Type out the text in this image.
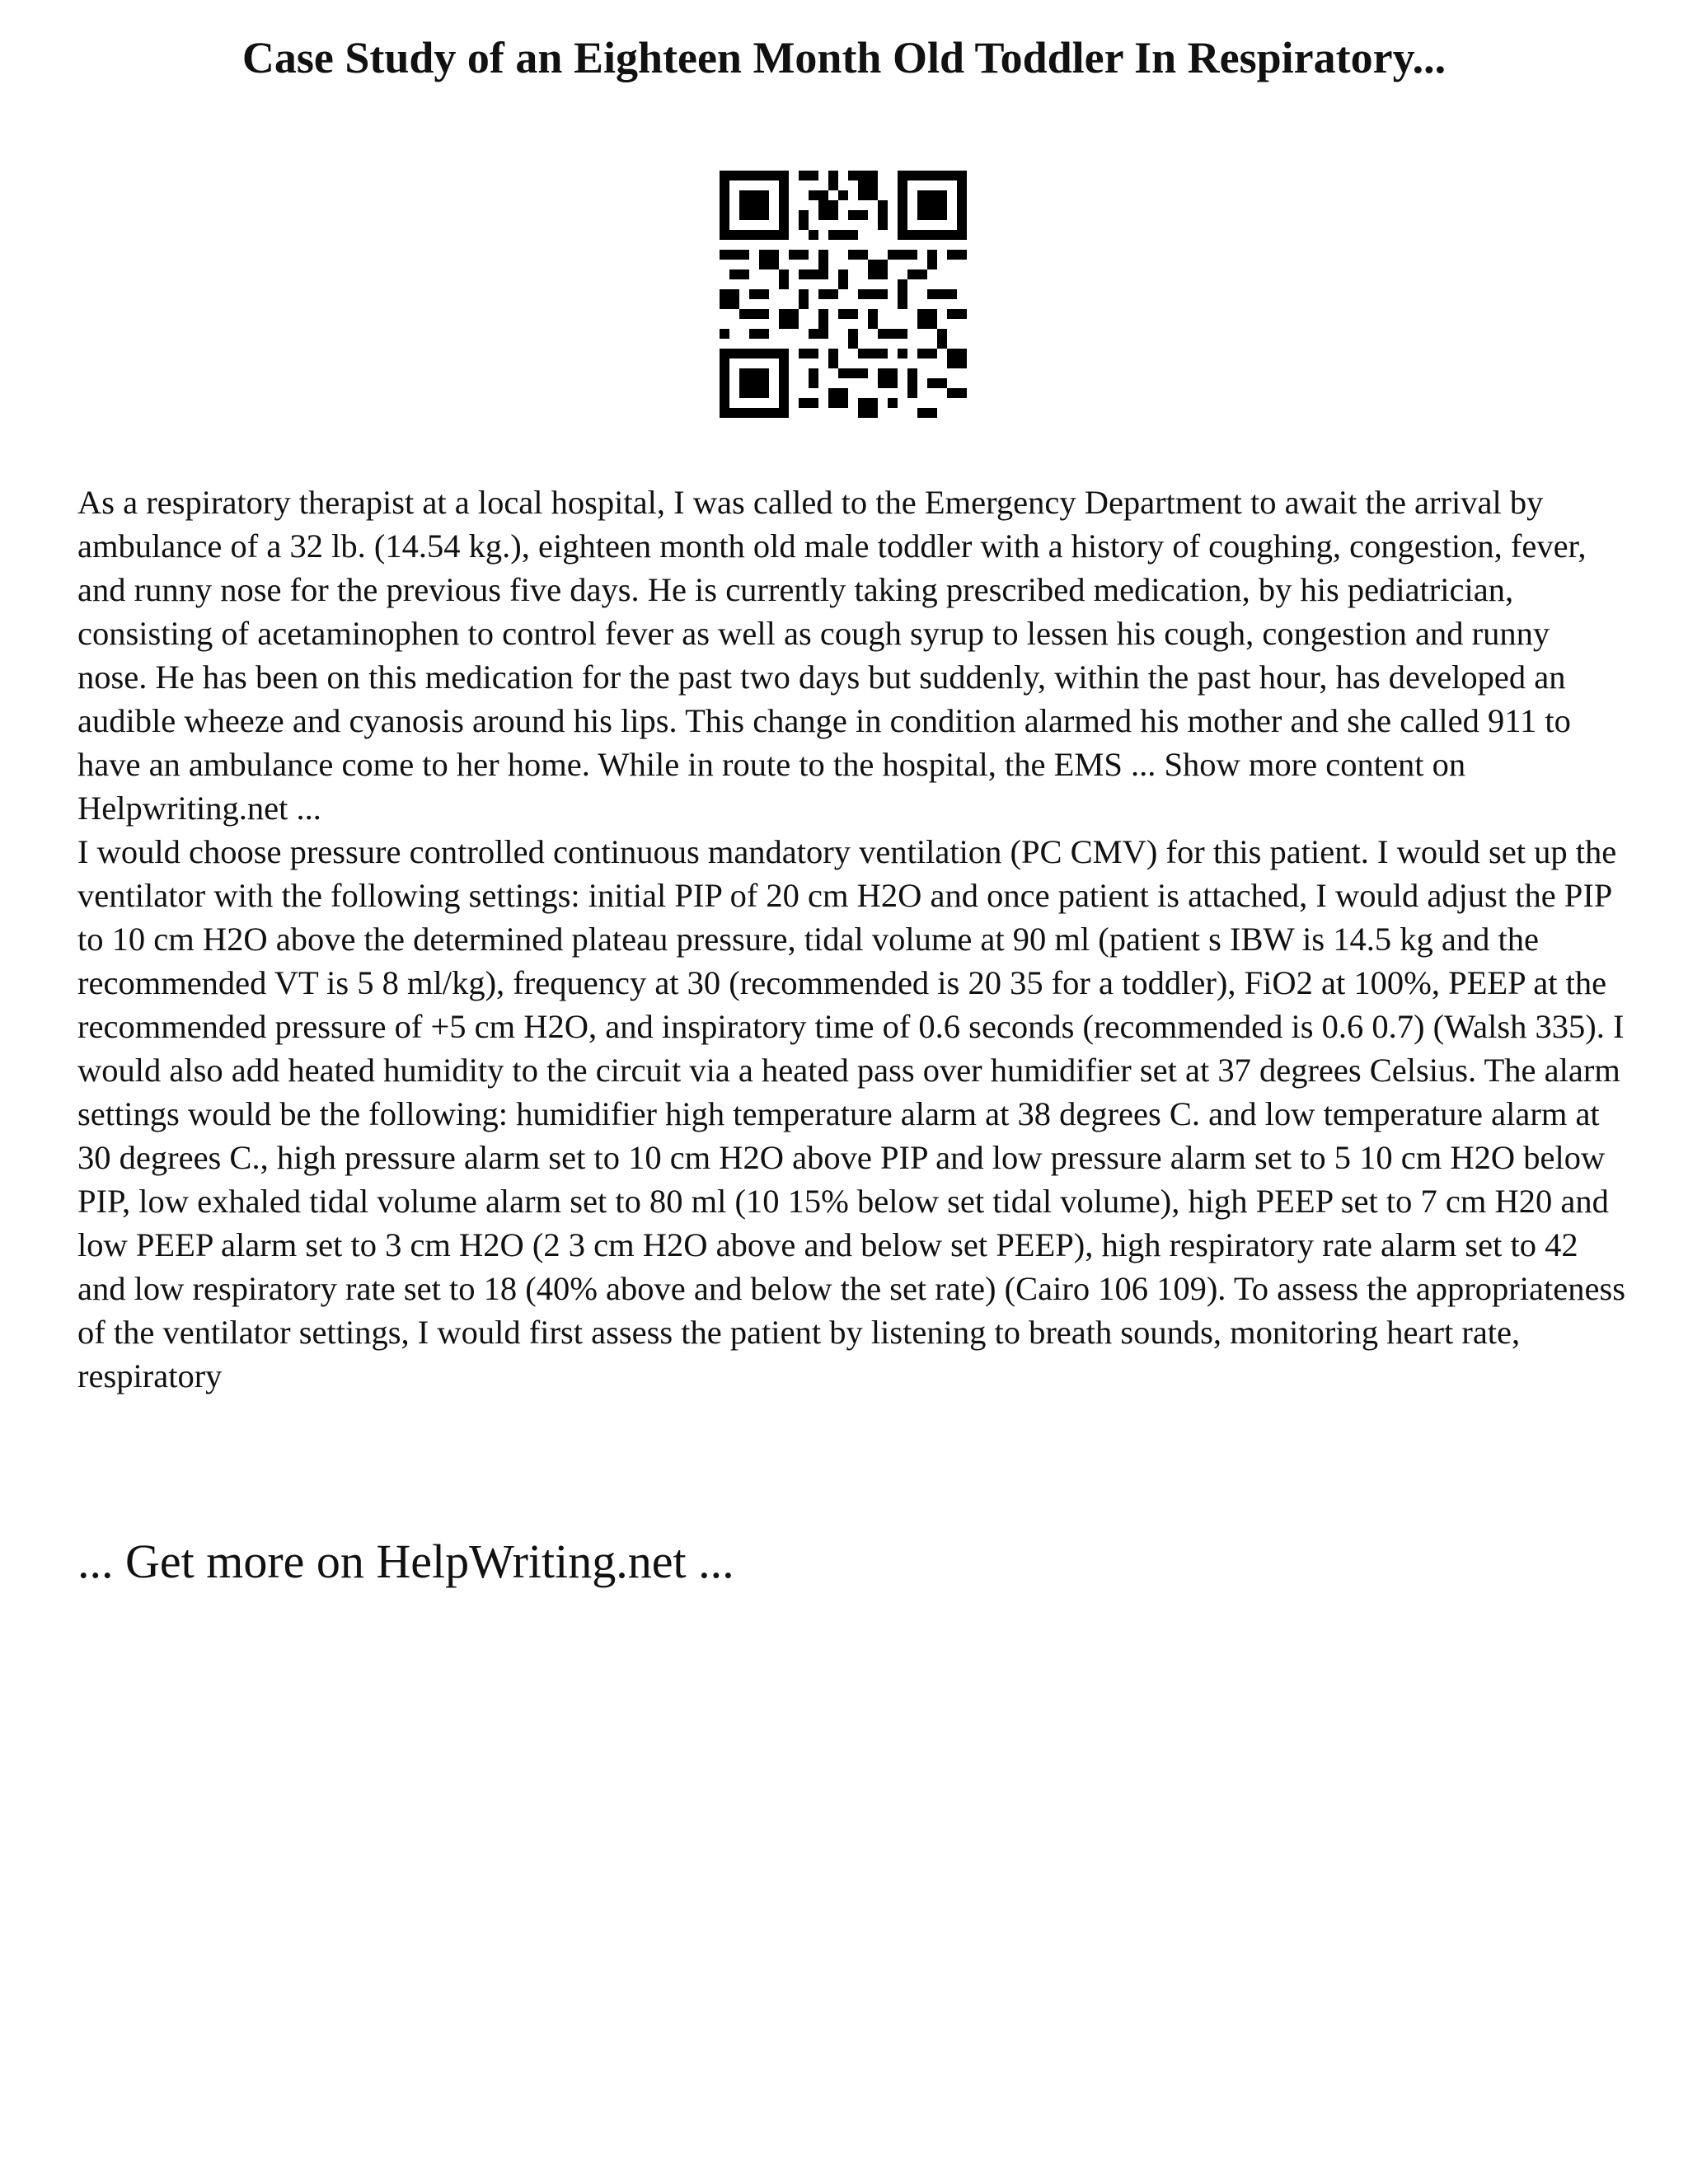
Case Study of an Eighteen Month Old Toddler In Respiratory...

As a respiratory therapist at a local hospital, I was called to the Emergency Department to await the arrival by ambulance of a 32 lb. (14.54 kg.), eighteen month old male toddler with a history of coughing, congestion, fever, and runny nose for the previous five days. He is currently taking prescribed medication, by his pediatrician, consisting of acetaminophen to control fever as well as cough syrup to lessen his cough, congestion and runny nose. He has been on this medication for the past two days but suddenly, within the past hour, has developed an audible wheeze and cyanosis around his lips. This change in condition alarmed his mother and she called 911 to have an ambulance come to her home. While in route to the hospital, the EMS ... Show more content on Helpwriting.net ...

I would choose pressure controlled continuous mandatory ventilation (PC CMV) for this patient. I would set up the ventilator with the following settings: initial PIP of 20 cm H2O and once patient is attached, I would adjust the PIP to 10 cm H2O above the determined plateau pressure, tidal volume at 90 ml (patient s IBW is 14.5 kg and the recommended VT is 5 8 ml/kg), frequency at 30 (recommended is 20 35 for a toddler), FiO2 at 100%, PEEP at the recommended pressure of +5 cm H2O, and inspiratory time of 0.6 seconds (recommended is 0.6 0.7) (Walsh 335). I would also add heated humidity to the circuit via a heated pass over humidifier set at 37 degrees Celsius. The alarm settings would be the following: humidifier high temperature alarm at 38 degrees C. and low temperature alarm at 30 degrees C., high pressure alarm set to 10 cm H2O above PIP and low pressure alarm set to 5 10 cm H2O below PIP, low exhaled tidal volume alarm set to 80 ml (10 15% below set tidal volume), high PEEP set to 7 cm H20 and low PEEP alarm set to 3 cm H2O (2 3 cm H2O above and below set PEEP), high respiratory rate alarm set to 42 and low respiratory rate set to 18 (40% above and below the set rate) (Cairo 106 109). To assess the appropriateness of the ventilator settings, I would first assess the patient by listening to breath sounds, monitoring heart rate, respiratory

... Get more on HelpWriting.net ...
